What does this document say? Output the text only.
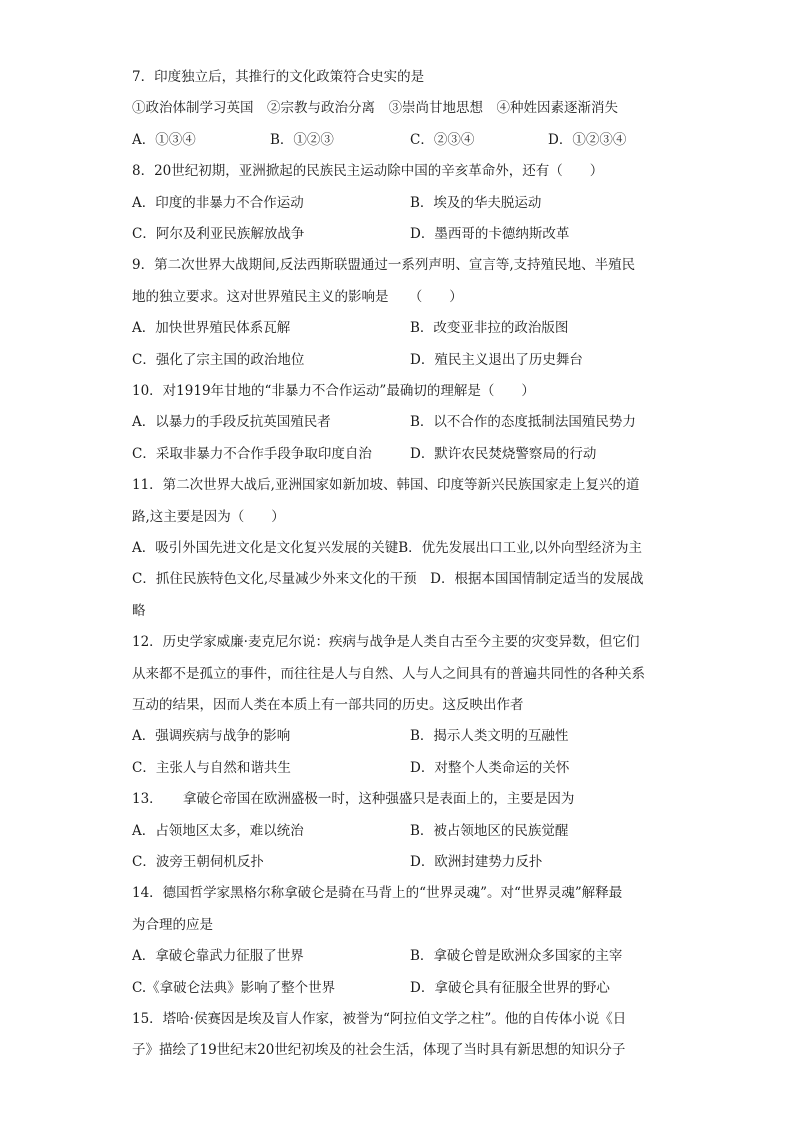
7．印度独立后，其推行的文化政策符合史实的是
①政治体制学习英国　②宗教与政治分离　③崇尚甘地思想　④种姓因素逐渐消失
A．①③④	B．①②③	C．②③④	D．①②③④
8．20世纪初期，亚洲掀起的民族民主运动除中国的辛亥革命外，还有（　　）
A．印度的非暴力不合作运动	B．埃及的华夫脱运动
C．阿尔及利亚民族解放战争	D．墨西哥的卡德纳斯改革
9．第二次世界大战期间,反法西斯联盟通过一系列声明、宣言等,支持殖民地、半殖民
地的独立要求。这对世界殖民主义的影响是　　（　　）
A．加快世界殖民体系瓦解	B．改变亚非拉的政治版图
C．强化了宗主国的政治地位	D．殖民主义退出了历史舞台
10．对1919年甘地的“非暴力不合作运动”最确切的理解是（　　）
A．以暴力的手段反抗英国殖民者	B．以不合作的态度抵制法国殖民势力
C．采取非暴力不合作手段争取印度自治	D．默许农民焚烧警察局的行动
11．第二次世界大战后,亚洲国家如新加坡、韩国、印度等新兴民族国家走上复兴的道
路,这主要是因为（　　）
A．吸引外国先进文化是文化复兴发展的关键B．优先发展出口工业,以外向型经济为主
C．抓住民族特色文化,尽量减少外来文化的干预　D．根据本国国情制定适当的发展战
略
12．历史学家威廉·麦克尼尔说：疾病与战争是人类自古至今主要的灾变异数，但它们
从来都不是孤立的事件，而往往是人与自然、人与人之间具有的普遍共同性的各种关系
互动的结果，因而人类在本质上有一部共同的历史。这反映出作者
A．强调疾病与战争的影响	B．揭示人类文明的互融性
C．主张人与自然和谐共生	D．对整个人类命运的关怀
13．　　拿破仑帝国在欧洲盛极一时，这种强盛只是表面上的，主要是因为
A．占领地区太多，难以统治	B．被占领地区的民族觉醒
C．波旁王朝伺机反扑	D．欧洲封建势力反扑
14．德国哲学家黑格尔称拿破仑是骑在马背上的“世界灵魂”。对“世界灵魂”解释最
为合理的应是
A．拿破仑靠武力征服了世界	B．拿破仑曾是欧洲众多国家的主宰
C.《拿破仑法典》影响了整个世界	D．拿破仑具有征服全世界的野心
15．塔哈·侯赛因是埃及盲人作家，被誉为“阿拉伯文学之柱”。他的自传体小说《日
子》描绘了19世纪末20世纪初埃及的社会生活，体现了当时具有新思想的知识分子
